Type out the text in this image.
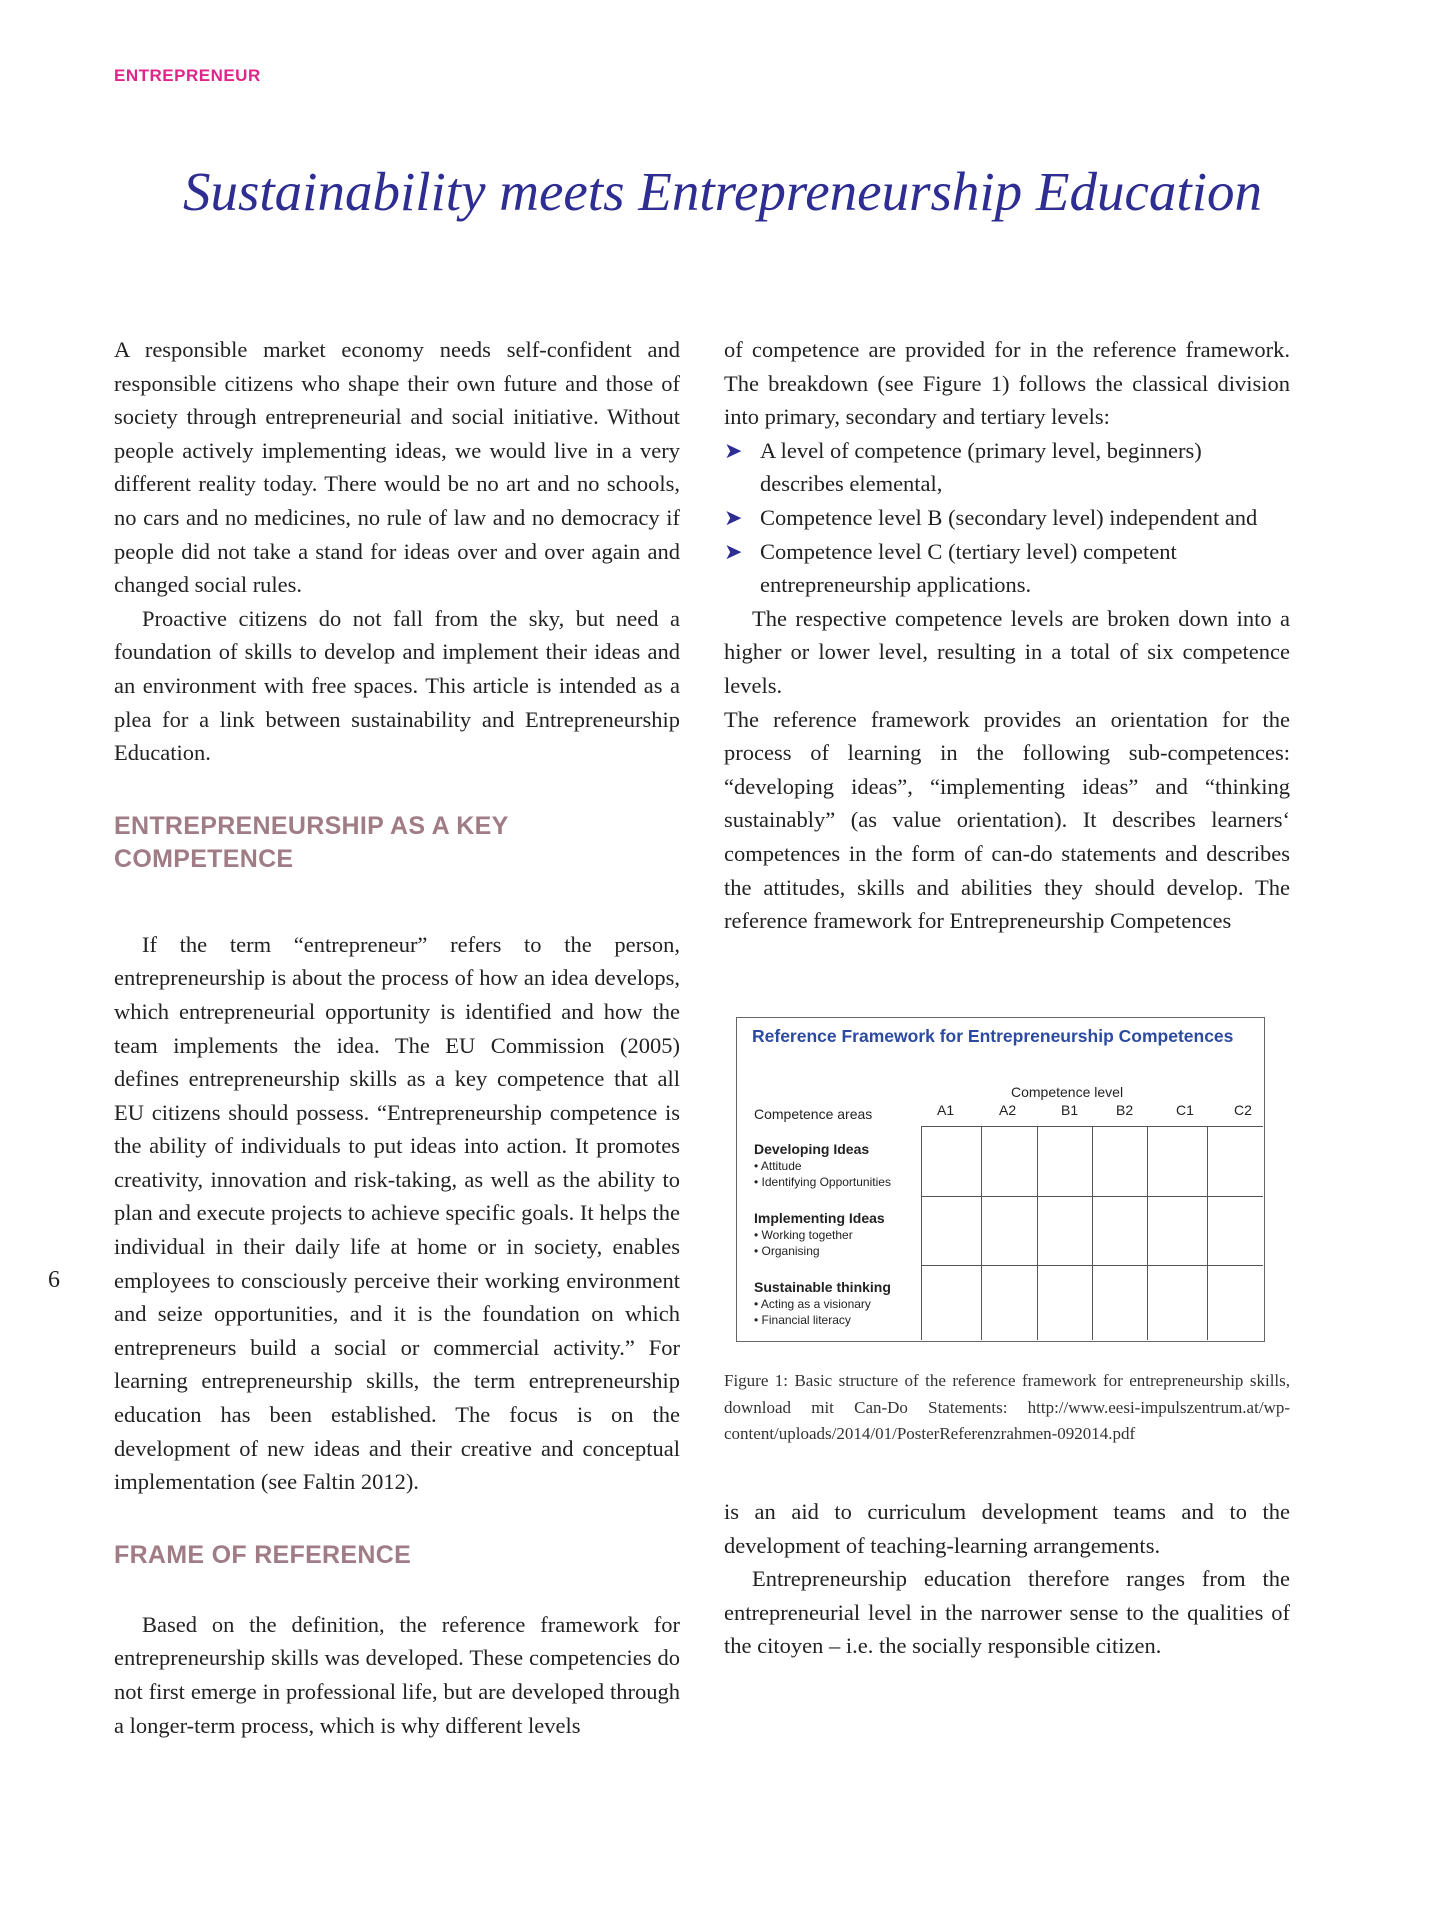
ENTREPRENEUR
Sustainability meets Entrepreneurship Education

A responsible market economy needs self-confident and responsible citizens who shape their own future and those of society through entrepreneurial and social initiative. Without people actively implementing ideas, we would live in a very different reality today. There would be no art and no schools, no cars and no medicines, no rule of law and no democracy if people did not take a stand for ideas over and over again and changed social rules.

Proactive citizens do not fall from the sky, but need a foundation of skills to develop and implement their ideas and an environment with free spaces. This article is intended as a plea for a link between sustainability and Entrepreneurship Education.

ENTREPRENEURSHIP AS A KEY COMPETENCE

If the term “entrepreneur” refers to the person, entrepreneurship is about the process of how an idea develops, which entrepreneurial opportunity is identified and how the team implements the idea. The EU Commission (2005) defines entrepreneurship skills as a key competence that all EU citizens should possess. “Entrepreneurship competence is the ability of individuals to put ideas into action. It promotes creativity, innovation and risk-taking, as well as the ability to plan and execute projects to achieve specific goals. It helps the individual in their daily life at home or in society, enables employees to consciously perceive their working environment and seize opportunities, and it is the foundation on which entrepreneurs build a social or commercial activity.” For learning entrepreneurship skills, the term entrepreneurship education has been established. The focus is on the development of new ideas and their creative and conceptual implementation (see Faltin 2012).

FRAME OF REFERENCE

Based on the definition, the reference framework for entrepreneurship skills was developed. These competencies do not first emerge in professional life, but are developed through a longer-term process, which is why different levels

of competence are provided for in the reference framework. The breakdown (see Figure 1) follows the classical division into primary, secondary and tertiary levels:

➤ A level of competence (primary level, beginners) describes elemental,
➤ Competence level B (secondary level) independent and
➤ Competence level C (tertiary level) competent entrepreneurship applications.

The respective competence levels are broken down into a higher or lower level, resulting in a total of six competence levels.

The reference framework provides an orientation for the process of learning in the following sub-competences: “developing ideas”, “implementing ideas” and “thinking sustainably” (as value orientation). It describes learners‘ competences in the form of can-do statements and describes the attitudes, skills and abilities they should develop. The reference framework for Entrepreneurship Competences

Reference Framework for Entrepreneurship Competences
Competence level
Competence areas	A1	A2	B1	B2	C1	C2
Developing Ideas
• Attitude
• Identifying Opportunities
Implementing Ideas
• Working together
• Organising
Sustainable thinking
• Acting as a visionary
• Financial literacy
Figure 1: Basic structure of the reference framework for entrepreneurship skills, download mit Can-Do Statements: http://www.eesi-impulszentrum.at/wp-content/uploads/2014/01/PosterReferenzrahmen-092014.pdf

is an aid to curriculum development teams and to the development of teaching-learning arrangements.

Entrepreneurship education therefore ranges from the entrepreneurial level in the narrower sense to the qualities of the citoyen – i.e. the socially responsible citizen.

6
